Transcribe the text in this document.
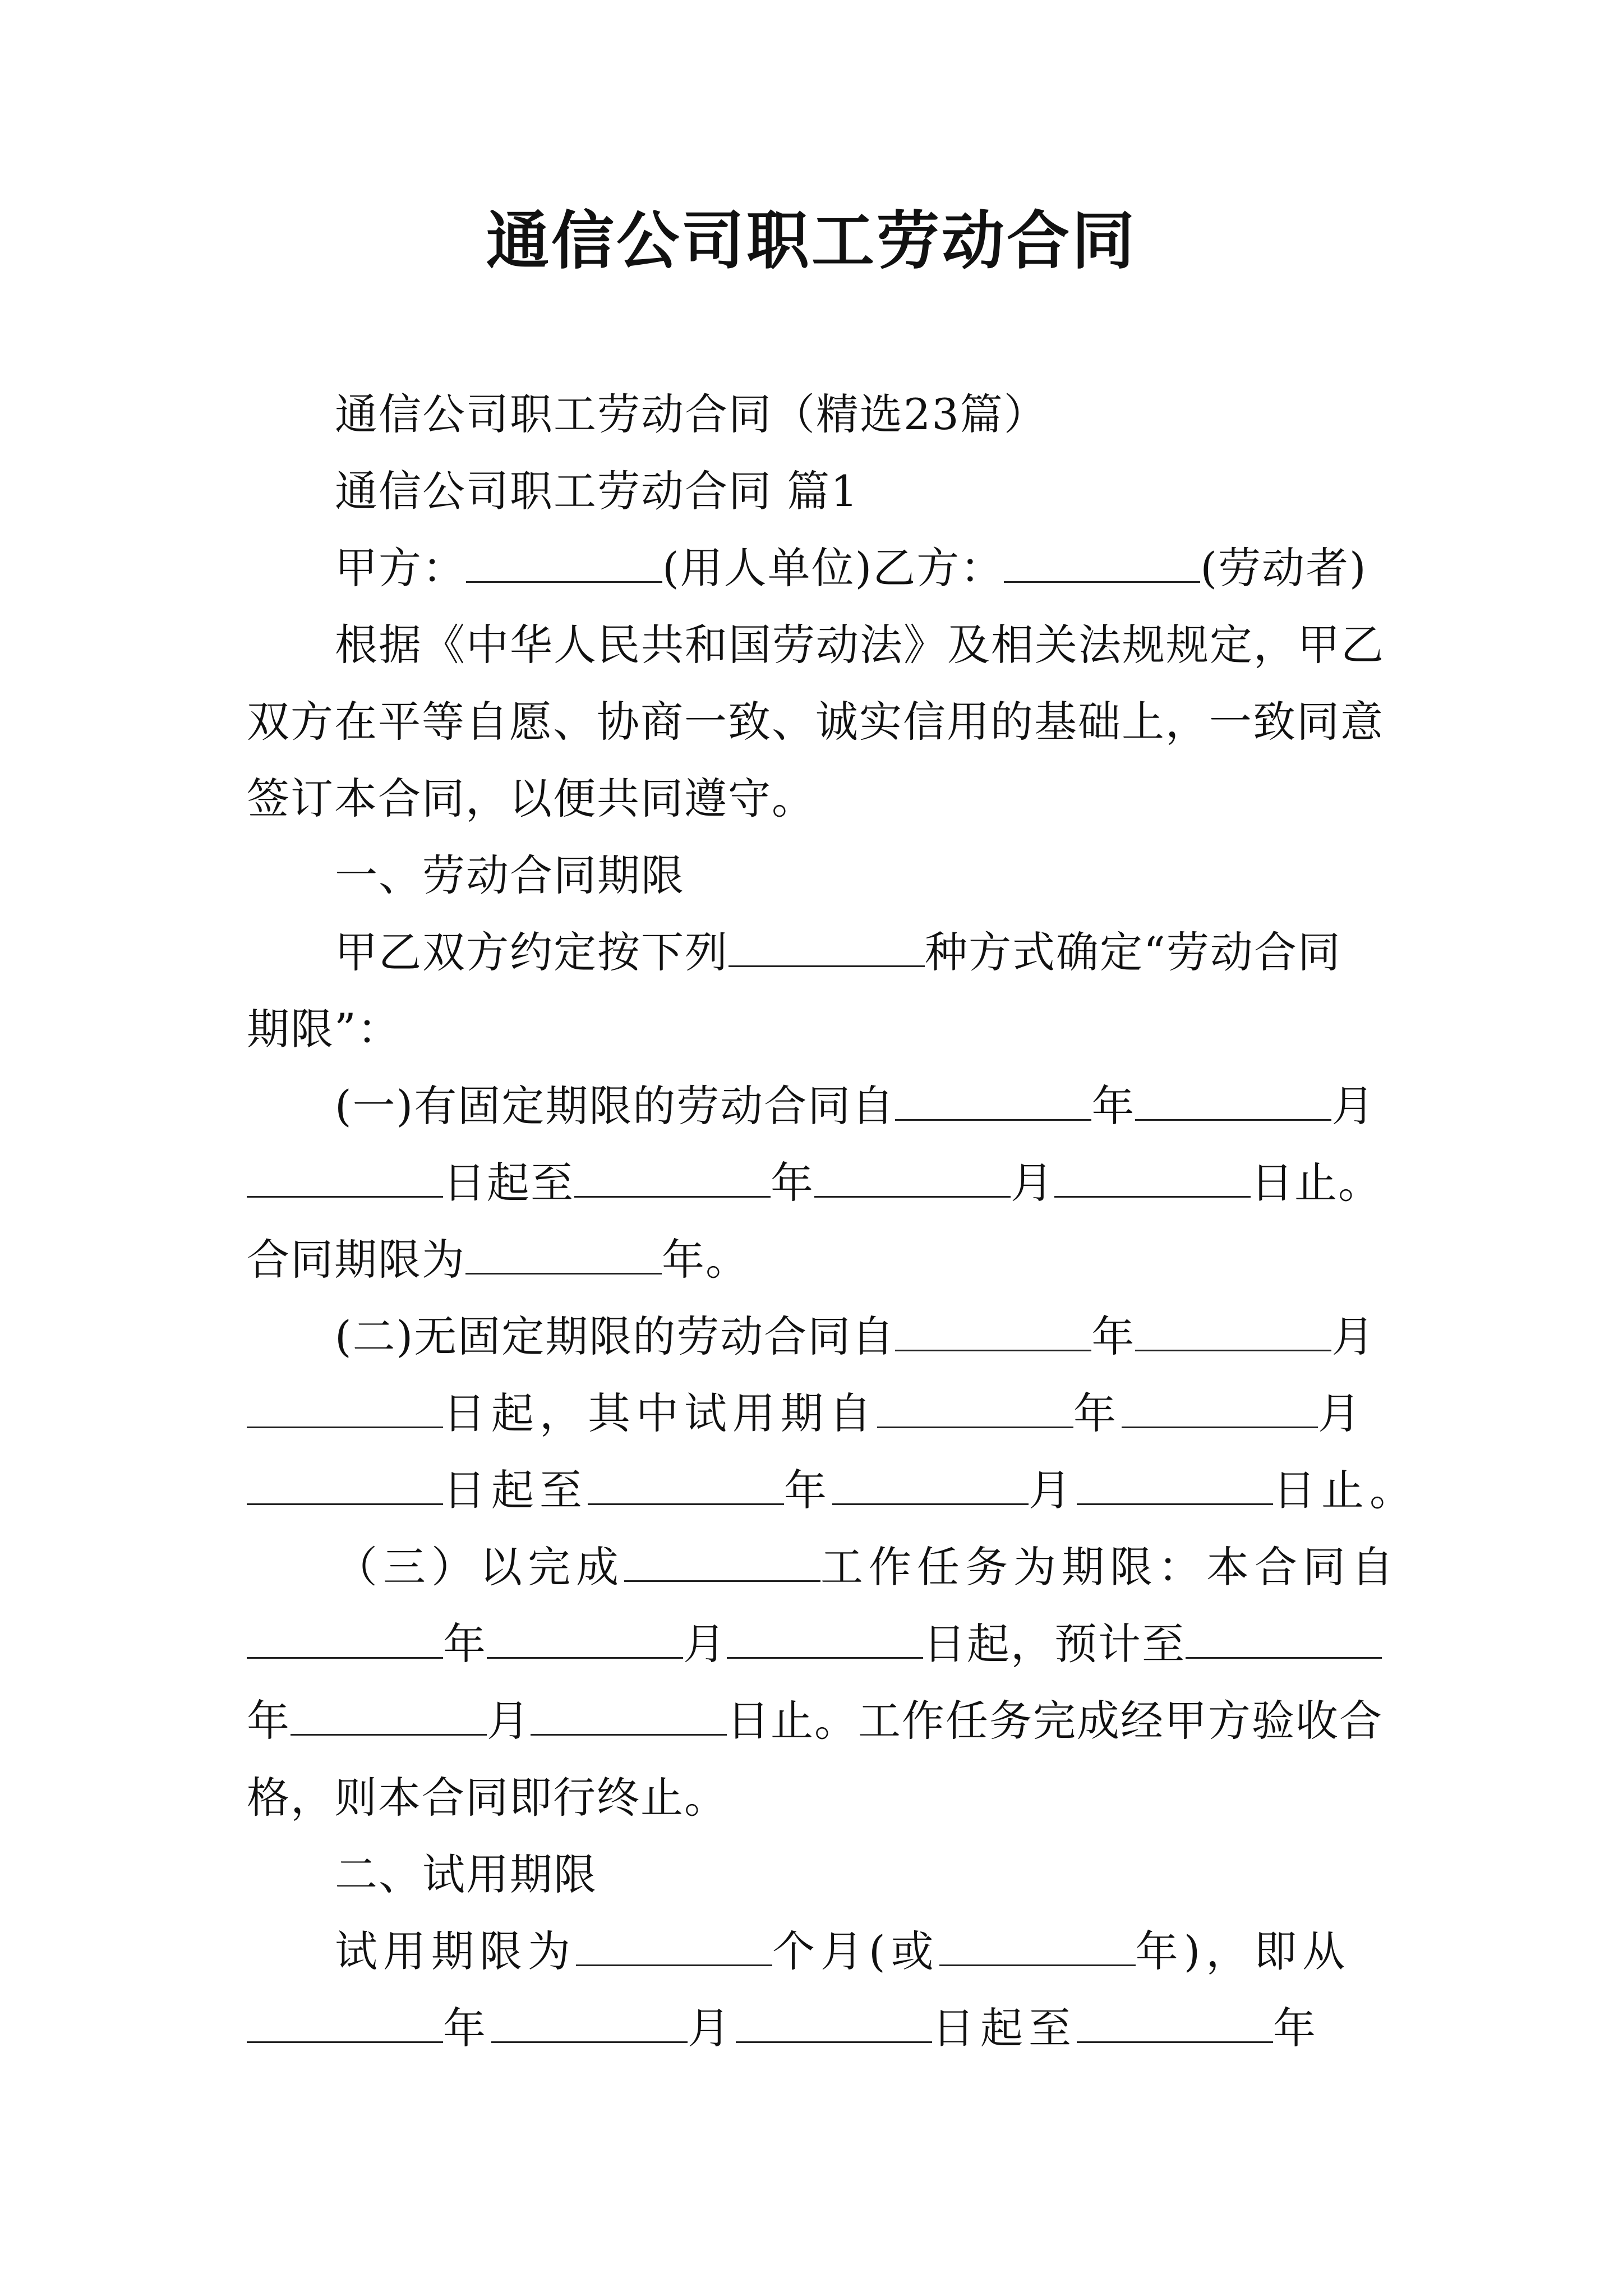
通信公司职工劳动合同
通信公司职工劳动合同（精选23篇）
通信公司职工劳动合同 篇1
甲方：	(用人单位)乙方：	(劳动者)
根据《中华人民共和国劳动法》及相关法规规定，甲乙
双方在平等自愿、协商一致、诚实信用的基础上，一致同意
签订本合同，以便共同遵守。
一、劳动合同期限
甲乙双方约定按下列	种方式确定“劳动合同
期限”：
(一)有固定期限的劳动合同自	年	月
日起至	年	月	日止。
合同期限为	年。
(二)无固定期限的劳动合同自	年	月
日起，其中试用期自	年	月
日起至	年	月	日止。
（三）以完成	工作任务为期限：本合同自
年	月	日起，预计至
年	月	日止。工作任务完成经甲方验收合
格，则本合同即行终止。
二、试用期限
试用期限为	个月(或	年)，即从
年	月	日起至	年
